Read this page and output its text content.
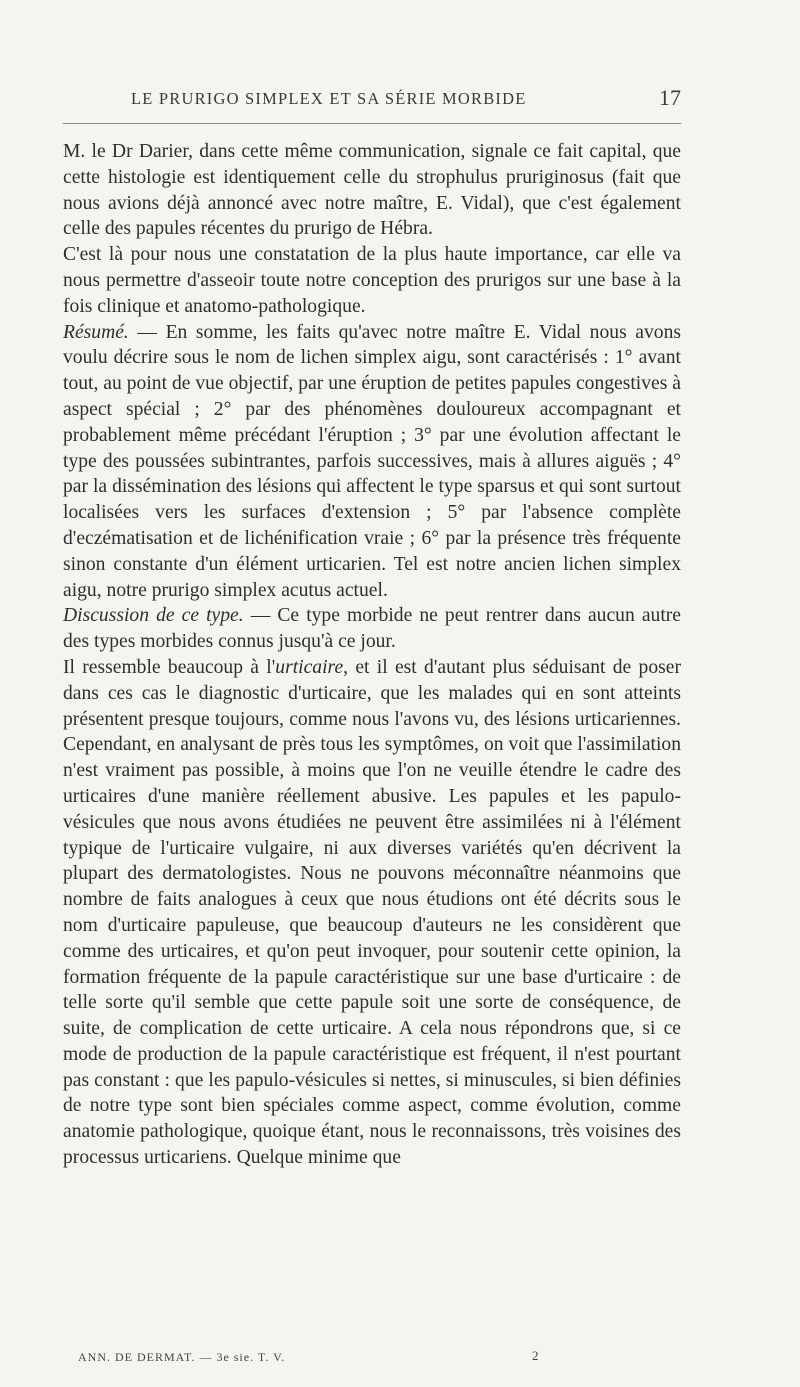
LE PRURIGO SIMPLEX ET SA SÉRIE MORBIDE	17

M. le Dr Darier, dans cette même communication, signale ce fait capital, que cette histologie est identiquement celle du strophulus pruriginosus (fait que nous avions déjà annoncé avec notre maître, E. Vidal), que c'est également celle des papules récentes du prurigo de Hébra.

C'est là pour nous une constatation de la plus haute importance, car elle va nous permettre d'asseoir toute notre conception des prurigos sur une base à la fois clinique et anatomo-pathologique.

Résumé. — En somme, les faits qu'avec notre maître E. Vidal nous avons voulu décrire sous le nom de lichen simplex aigu, sont caractérisés : 1° avant tout, au point de vue objectif, par une éruption de petites papules congestives à aspect spécial ; 2° par des phénomènes douloureux accompagnant et probablement même précédant l'éruption ; 3° par une évolution affectant le type des poussées subintrantes, parfois successives, mais à allures aiguës ; 4° par la dissémination des lésions qui affectent le type sparsus et qui sont surtout localisées vers les surfaces d'extension ; 5° par l'absence complète d'eczématisation et de lichénification vraie ; 6° par la présence très fréquente sinon constante d'un élément urticarien. Tel est notre ancien lichen simplex aigu, notre prurigo simplex acutus actuel.

Discussion de ce type. — Ce type morbide ne peut rentrer dans aucun autre des types morbides connus jusqu'à ce jour.

Il ressemble beaucoup à l'urticaire, et il est d'autant plus séduisant de poser dans ces cas le diagnostic d'urticaire, que les malades qui en sont atteints présentent presque toujours, comme nous l'avons vu, des lésions urticariennes. Cependant, en analysant de près tous les symptômes, on voit que l'assimilation n'est vraiment pas possible, à moins que l'on ne veuille étendre le cadre des urticaires d'une manière réellement abusive. Les papules et les papulo-vésicules que nous avons étudiées ne peuvent être assimilées ni à l'élément typique de l'urticaire vulgaire, ni aux diverses variétés qu'en décrivent la plupart des dermatologistes. Nous ne pouvons méconnaître néanmoins que nombre de faits analogues à ceux que nous étudions ont été décrits sous le nom d'urticaire papuleuse, que beaucoup d'auteurs ne les considèrent que comme des urticaires, et qu'on peut invoquer, pour soutenir cette opinion, la formation fréquente de la papule caractéristique sur une base d'urticaire : de telle sorte qu'il semble que cette papule soit une sorte de conséquence, de suite, de complication de cette urticaire. A cela nous répondrons que, si ce mode de production de la papule caractéristique est fréquent, il n'est pourtant pas constant : que les papulo-vésicules si nettes, si minuscules, si bien définies de notre type sont bien spéciales comme aspect, comme évolution, comme anatomie pathologique, quoique étant, nous le reconnaissons, très voisines des processus urticariens. Quelque minime que

ANN. DE DERMAT. — 3e sie. T. V.	2
